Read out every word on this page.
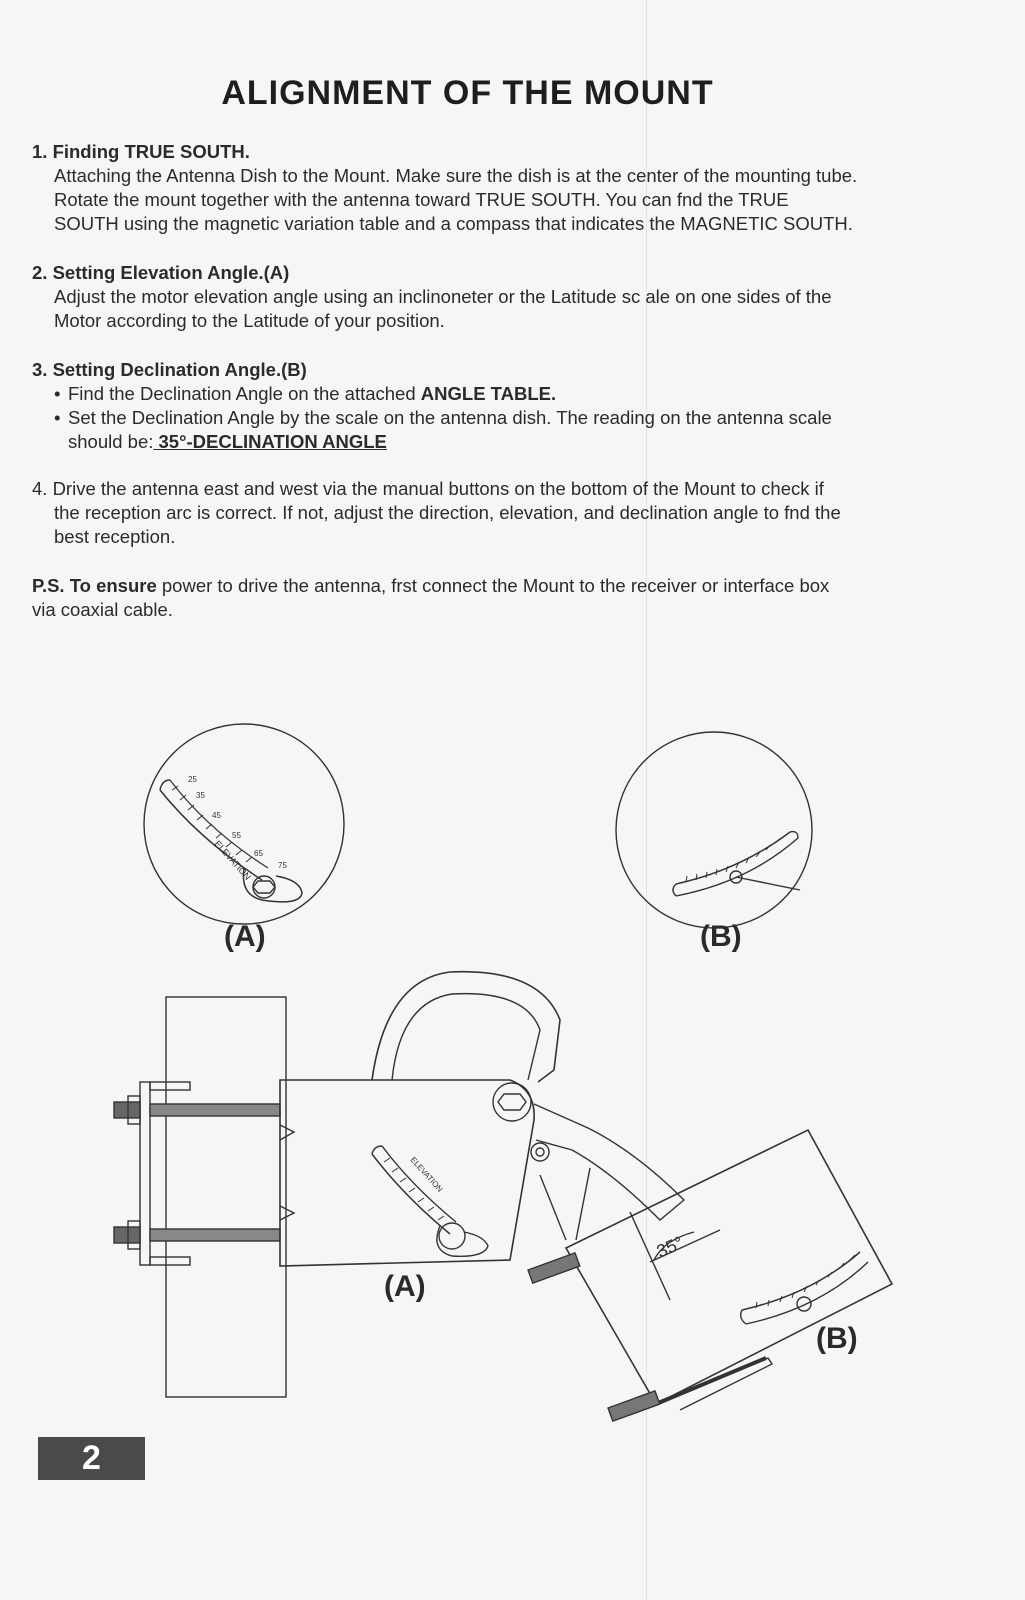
ALIGNMENT OF THE MOUNT
1. Finding TRUE SOUTH.
Attaching the Antenna Dish to the Mount. Make sure the dish is at the center of the mounting tube.
Rotate the mount together with the antenna toward TRUE SOUTH. You can fnd the TRUE
SOUTH using the magnetic variation table and a compass that indicates the MAGNETIC SOUTH.
2. Setting Elevation Angle.(A)
Adjust the motor elevation angle using an inclinoneter or the Latitude sc ale on one sides of the
Motor according to the Latitude of your position.
3. Setting Declination Angle.(B)
• Find the Declination Angle on the attached ANGLE TABLE.
• Set the Declination Angle by the scale on the antenna dish. The reading on the antenna scale
should be: 35°-DECLINATION ANGLE
4. Drive the antenna east and west via the manual buttons on the bottom of the Mount to check if
the reception arc is correct. If not, adjust the direction, elevation, and declination angle to fnd the
best reception.
P.S. To ensure power to drive the antenna, frst connect the Mount to the receiver or interface box
via coaxial cable.
ELEVATION
25
35
45
55
65
75
ELEVATION
35°
(A)	(B)
(A)
(B)
2
